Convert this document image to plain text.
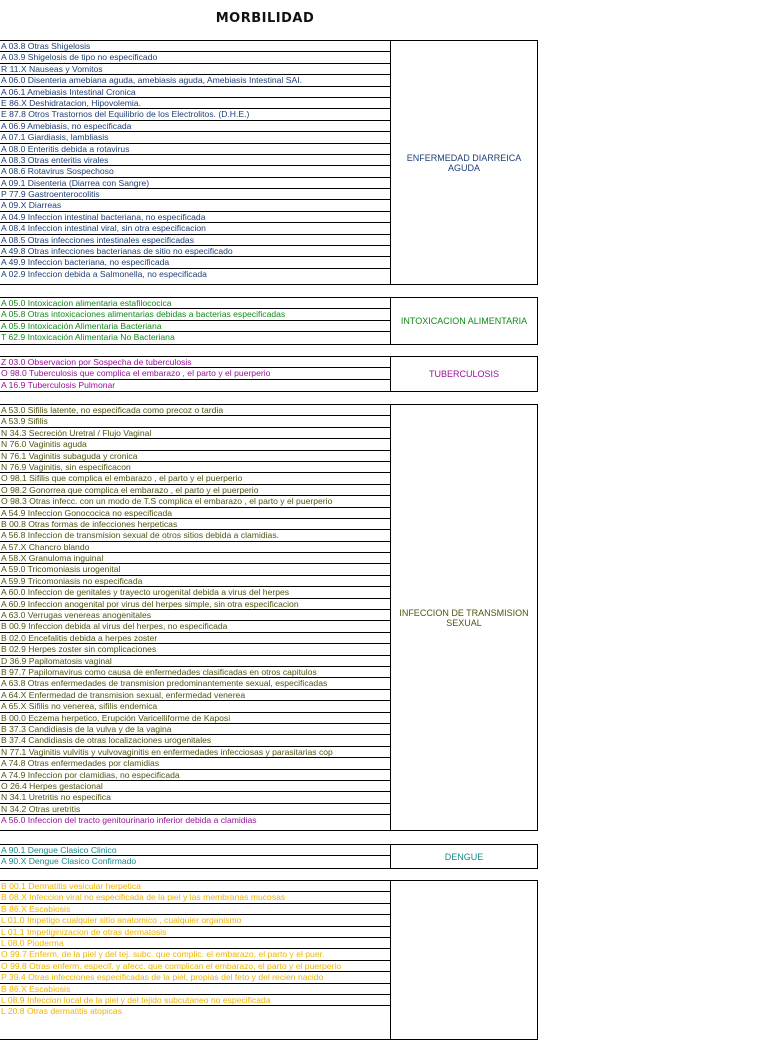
MORBILIDAD
A 03.8 Otras Shigelosis
A 03.9 Shigelosis de tipo no especificado
R 11.X Nauseas y Vomitos
A 06.0 Disenteria amebiana aguda, amebiasis aguda, Amebiasis Intestinal SAI.
A 06.1 Amebiasis Intestinal Cronica
E 86.X Deshidratacion, Hipovolemia.
E 87.8 Otros Trastornos del Equilibrio de los Electrolitos. (D.H.E.)
A 06.9 Amebiasis, no especificada
A 07.1 Giardiasis, lambliasis
A 08.0 Enteritis debida a rotavirus
A 08.3 Otras enteritis virales
A 08.6 Rotavirus Sospechoso
A 09.1 Disenteria (Diarrea con Sangre)
P 77.9 Gastroenterocolitis
A 09.X Diarreas
A 04.9 Infeccion intestinal bacteriana, no especificada
A 08.4 Infeccion intestinal viral, sin otra especificacion
A 08.5 Otras infecciones intestinales especificadas
A 49.8 Otras infecciones bacterianas de sitio no especificado
A 49.9 Infeccion bacteriana, no especificada
A 02.9 Infeccion debida a Salmonella, no especificada
ENFERMEDAD DIARREICA AGUDA
A 05.0 Intoxicacion alimentaria estafilococica
A 05.8 Otras intoxicaciones alimentarias debidas a bacterias especificadas
A 05.9 Intoxicación Alimentaria Bacteriana
T 62.9 Intoxicación Alimentaria No Bacteriana
INTOXICACION ALIMENTARIA
Z 03.0 Observacion por Sospecha de tuberculosis
O 98.0 Tuberculosis que complica el embarazo , el parto y el puerperio
A 16.9 Tuberculosis Pulmonar
TUBERCULOSIS
A 53.0 Sifilis latente, no especificada como precoz o tardia
A 53.9 Sifilis
N 34.3 Secreción Uretral / Flujo Vaginal
N 76.0 Vaginitis aguda
N 76.1 Vaginitis subaguda y cronica
N 76.9 Vaginitis, sin especificacon
O 98.1 Sifilis que complica el embarazo , el parto y el puerperio
O 98.2 Gonorrea que complica el embarazo , el parto y el puerperio
O 98.3 Otras infecc. con un modo de T.S complica el embarazo , el parto y el puerperio
A 54.9 Infeccion Gonococica no especificada
B 00.8 Otras formas de infecciones herpeticas
A 56.8 Infeccion de transmision sexual de otros sitios debida a clamidias.
A 57.X Chancro blando
A 58.X Granuloma inguinal
A 59.0 Tricomoniasis urogenital
A 59.9 Tricomoniasis no especificada
A 60.0 Infeccion de genitales y trayecto urogenital debida a virus del herpes
A 60.9 Infeccion anogenital por virus del herpes simple, sin otra especificacion
A 63.0 Verrugas venereas anogenitales
B 00.9 Infeccion debida al virus del herpes, no especificada
B 02.0 Encefalitis debida a herpes zoster
B 02.9 Herpes zoster sin complicaciones
D 36.9 Papilomatosis vaginal
B 97.7 Papilomavirus como causa de enfermedades clasificadas en otros capitulos
A 63.8 Otras enfermedades de transmision predominantemente sexual, especificadas
A 64.X Enfermedad de transmision sexual, enfermedad venerea
A 65.X Sifilis no venerea, sifilis endemica
B 00.0 Eczema herpetico, Erupción Varicelliforme de Kaposi
B 37.3 Candidiasis de la vulva y de la vagina
B 37.4 Candidiasis de otras localizaciones urogenitales
N 77.1 Vaginitis vulvitis y vulvovaginitis en enfermedades infecciosas y parasitarias cop
A 74.8 Otras enfermedades por clamidias
A 74.9 Infeccion por clamidias, no especificada
O 26.4 Herpes gestacional
N 34.1 Uretritis no especifica
N 34.2 Otras uretritis
A 56.0 Infeccion del tracto genitourinario inferior debida a clamidias
INFECCION DE TRANSMISION SEXUAL
A 90.1 Dengue Clasico Clinico
A 90.X Dengue Clasico Confirmado	DENGUE
B 00.1 Dermatitis vesicular herpetica
B 08.X Infeccion viral no especificada de la piel y las membranas mucosas
B 86.X Escabiosis
L 01.0 Impetigo cualquier sitio anatomico , cualquier organismo
L 01.1 Impetiginizacion de otras dermatosis
L 08.0 Pioderma
O 99.7 Enferm. de la piel y del tej. subc. que complic. el embarazo, el parto y el puer.
O 99.8 Otras enferm. especif. y afecc. que complican el embarazo, el parto y el puerperio
P 39.4 Otras infecciones especificadas de la piel, propias del feto y del recien nacido
B 86.X Escabiosis
L 08.9 Infeccion local de la piel y del tejido subcutaneo no especificada
L 20.8 Otras dermatitis atopicas
